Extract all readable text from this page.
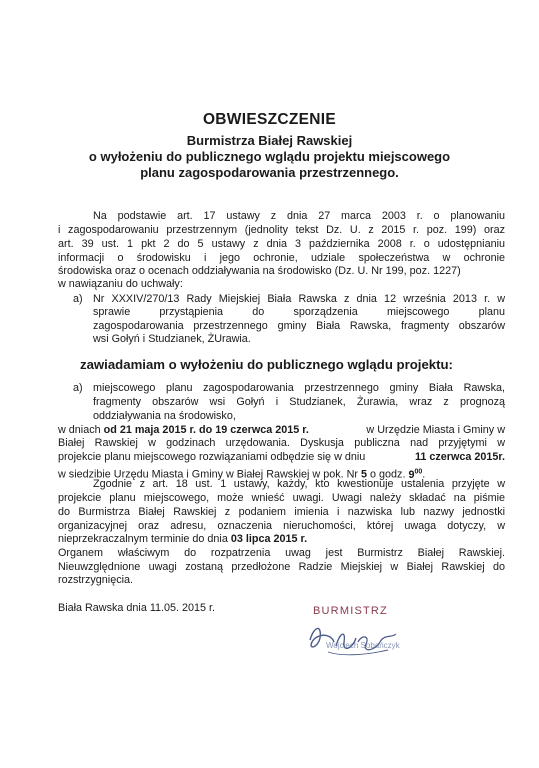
OBWIESZCZENIE
Burmistrza Białej Rawskiej
o wyłożeniu do publicznego wglądu projektu miejscowego
planu zagospodarowania przestrzennego.
Na podstawie art. 17 ustawy z dnia 27 marca 2003 r. o planowaniu
i zagospodarowaniu przestrzennym (jednolity tekst Dz. U. z 2015 r. poz. 199) oraz
art. 39 ust. 1 pkt 2 do 5 ustawy z dnia 3 października 2008 r. o udostępnianiu
informacji o środowisku i jego ochronie, udziale społeczeństwa w ochronie
środowiska oraz o ocenach oddziaływania na środowisko (Dz. U. Nr 199, poz. 1227)
w nawiązaniu do uchwały:
a) Nr XXXIV/270/13 Rady Miejskiej Biała Rawska z dnia 12 września 2013 r. w
sprawie przystąpienia do sporządzenia miejscowego planu
zagospodarowania przestrzennego gminy Biała Rawska, fragmenty obszarów
wsi Gołyń i Studzianek, ŻUrawia.
zawiadamiam o wyłożeniu do publicznego wglądu projektu:
a) miejscowego planu zagospodarowania przestrzennego gminy Biała Rawska,
fragmenty obszarów wsi Gołyń i Studzianek, Żurawia, wraz z prognozą
oddziaływania na środowisko,
w dniach od 21 maja 2015 r. do 19 czerwca 2015 r.	w Urzędzie Miasta i Gminy w
Białej Rawskiej w godzinach urzędowania. Dyskusja publiczna nad przyjętymi w
projekcie planu miejscowego rozwiązaniami odbędzie się w dniu	11 czerwca 2015r.
w siedzibie Urzędu Miasta i Gminy w Białej Rawskiej w pok. Nr 5 o godz. $9^{00}$.
Zgodnie z art. 18 ust. 1 ustawy, każdy, kto kwestionuje ustalenia przyjęte w
projekcie planu miejscowego, może wnieść uwagi. Uwagi należy składać na piśmie
do Burmistrza Białej Rawskiej z podaniem imienia i nazwiska lub nazwy jednostki
organizacyjnej oraz adresu, oznaczenia nieruchomości, której uwaga dotyczy, w
nieprzekraczalnym terminie do dnia 03 lipca 2015 r.
Organem właściwym do rozpatrzenia uwag jest Burmistrz Białej Rawskiej.
Nieuwzględnione uwagi zostaną przedłożone Radzie Miejskiej w Białej Rawskiej do
rozstrzygnięcia.
Biała Rawska dnia 11.05. 2015 r.	BURMISTRZ
Wojciech Sobańczyk
